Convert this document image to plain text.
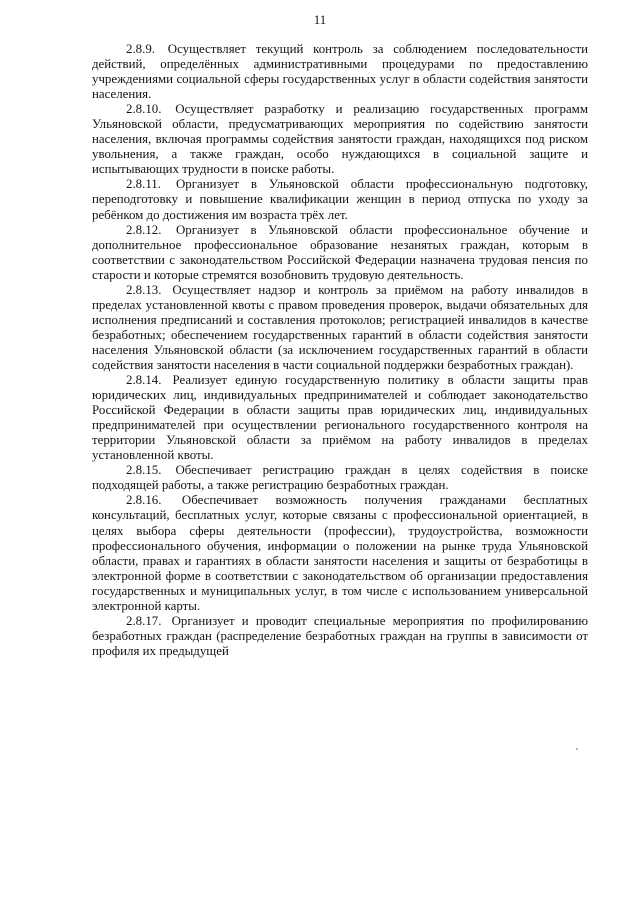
11

2.8.9. Осуществляет текущий контроль за соблюдением последовательности действий, определённых административными процедурами по предоставлению учреждениями социальной сферы государственных услуг в области содействия занятости населения.

2.8.10. Осуществляет разработку и реализацию государственных программ Ульяновской области, предусматривающих мероприятия по содействию занятости населения, включая программы содействия занятости граждан, находящихся под риском увольнения, а также граждан, особо нуждающихся в социальной защите и испытывающих трудности в поиске работы.

2.8.11. Организует в Ульяновской области профессиональную подготовку, переподготовку и повышение квалификации женщин в период отпуска по уходу за ребёнком до достижения им возраста трёх лет.

2.8.12. Организует в Ульяновской области профессиональное обучение и дополнительное профессиональное образование незанятых граждан, которым в соответствии с законодательством Российской Федерации назначена трудовая пенсия по старости и которые стремятся возобновить трудовую деятельность.

2.8.13. Осуществляет надзор и контроль за приёмом на работу инвалидов в пределах установленной квоты с правом проведения проверок, выдачи обязательных для исполнения предписаний и составления протоколов; регистрацией инвалидов в качестве безработных; обеспечением государственных гарантий в области содействия занятости населения Ульяновской области (за исключением государственных гарантий в области содействия занятости населения в части социальной поддержки безработных граждан).

2.8.14. Реализует единую государственную политику в области защиты прав юридических лиц, индивидуальных предпринимателей и соблюдает законодательство Российской Федерации в области защиты прав юридических лиц, индивидуальных предпринимателей при осуществлении регионального государственного контроля на территории Ульяновской области за приёмом на работу инвалидов в пределах установленной квоты.

2.8.15. Обеспечивает регистрацию граждан в целях содействия в поиске подходящей работы, а также регистрацию безработных граждан.

2.8.16. Обеспечивает возможность получения гражданами бесплатных консультаций, бесплатных услуг, которые связаны с профессиональной ориентацией, в целях выбора сферы деятельности (профессии), трудоустройства, возможности профессионального обучения, информации о положении на рынке труда Ульяновской области, правах и гарантиях в области занятости населения и защиты от безработицы в электронной форме в соответствии с законодательством об организации предоставления государственных и муниципальных услуг, в том числе с использованием универсальной электронной карты.

2.8.17. Организует и проводит специальные мероприятия по профилированию безработных граждан (распределение безработных граждан на группы в зависимости от профиля их предыдущей
